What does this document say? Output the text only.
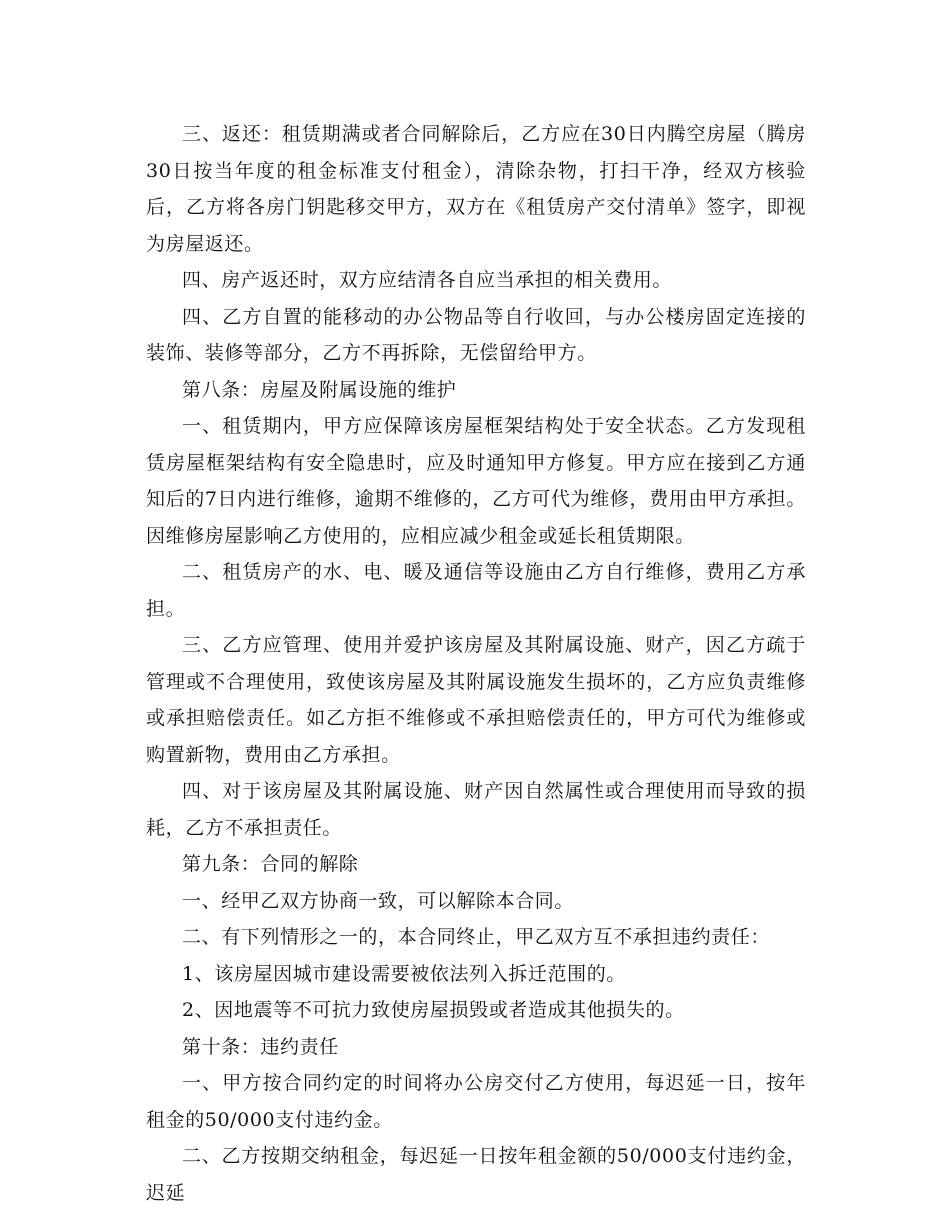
三、返还：租赁期满或者合同解除后，乙方应在30日内腾空房屋（腾房30日按当年度的租金标准支付租金），清除杂物，打扫干净，经双方核验后，乙方将各房门钥匙移交甲方，双方在《租赁房产交付清单》签字，即视为房屋返还。

四、房产返还时，双方应结清各自应当承担的相关费用。

四、乙方自置的能移动的办公物品等自行收回，与办公楼房固定连接的装饰、装修等部分，乙方不再拆除，无偿留给甲方。

第八条：房屋及附属设施的维护

一、租赁期内，甲方应保障该房屋框架结构处于安全状态。乙方发现租赁房屋框架结构有安全隐患时，应及时通知甲方修复。甲方应在接到乙方通知后的7日内进行维修，逾期不维修的，乙方可代为维修，费用由甲方承担。因维修房屋影响乙方使用的，应相应减少租金或延长租赁期限。

二、租赁房产的水、电、暖及通信等设施由乙方自行维修，费用乙方承担。

三、乙方应管理、使用并爱护该房屋及其附属设施、财产，因乙方疏于管理或不合理使用，致使该房屋及其附属设施发生损坏的，乙方应负责维修或承担赔偿责任。如乙方拒不维修或不承担赔偿责任的，甲方可代为维修或购置新物，费用由乙方承担。

四、对于该房屋及其附属设施、财产因自然属性或合理使用而导致的损耗，乙方不承担责任。

第九条：合同的解除

一、经甲乙双方协商一致，可以解除本合同。

二、有下列情形之一的，本合同终止，甲乙双方互不承担违约责任：

1、该房屋因城市建设需要被依法列入拆迁范围的。

2、因地震等不可抗力致使房屋损毁或者造成其他损失的。

第十条：违约责任

一、甲方按合同约定的时间将办公房交付乙方使用，每迟延一日，按年租金的50/000支付违约金。

二、乙方按期交纳租金，每迟延一日按年租金额的50/000支付违约金，迟延
